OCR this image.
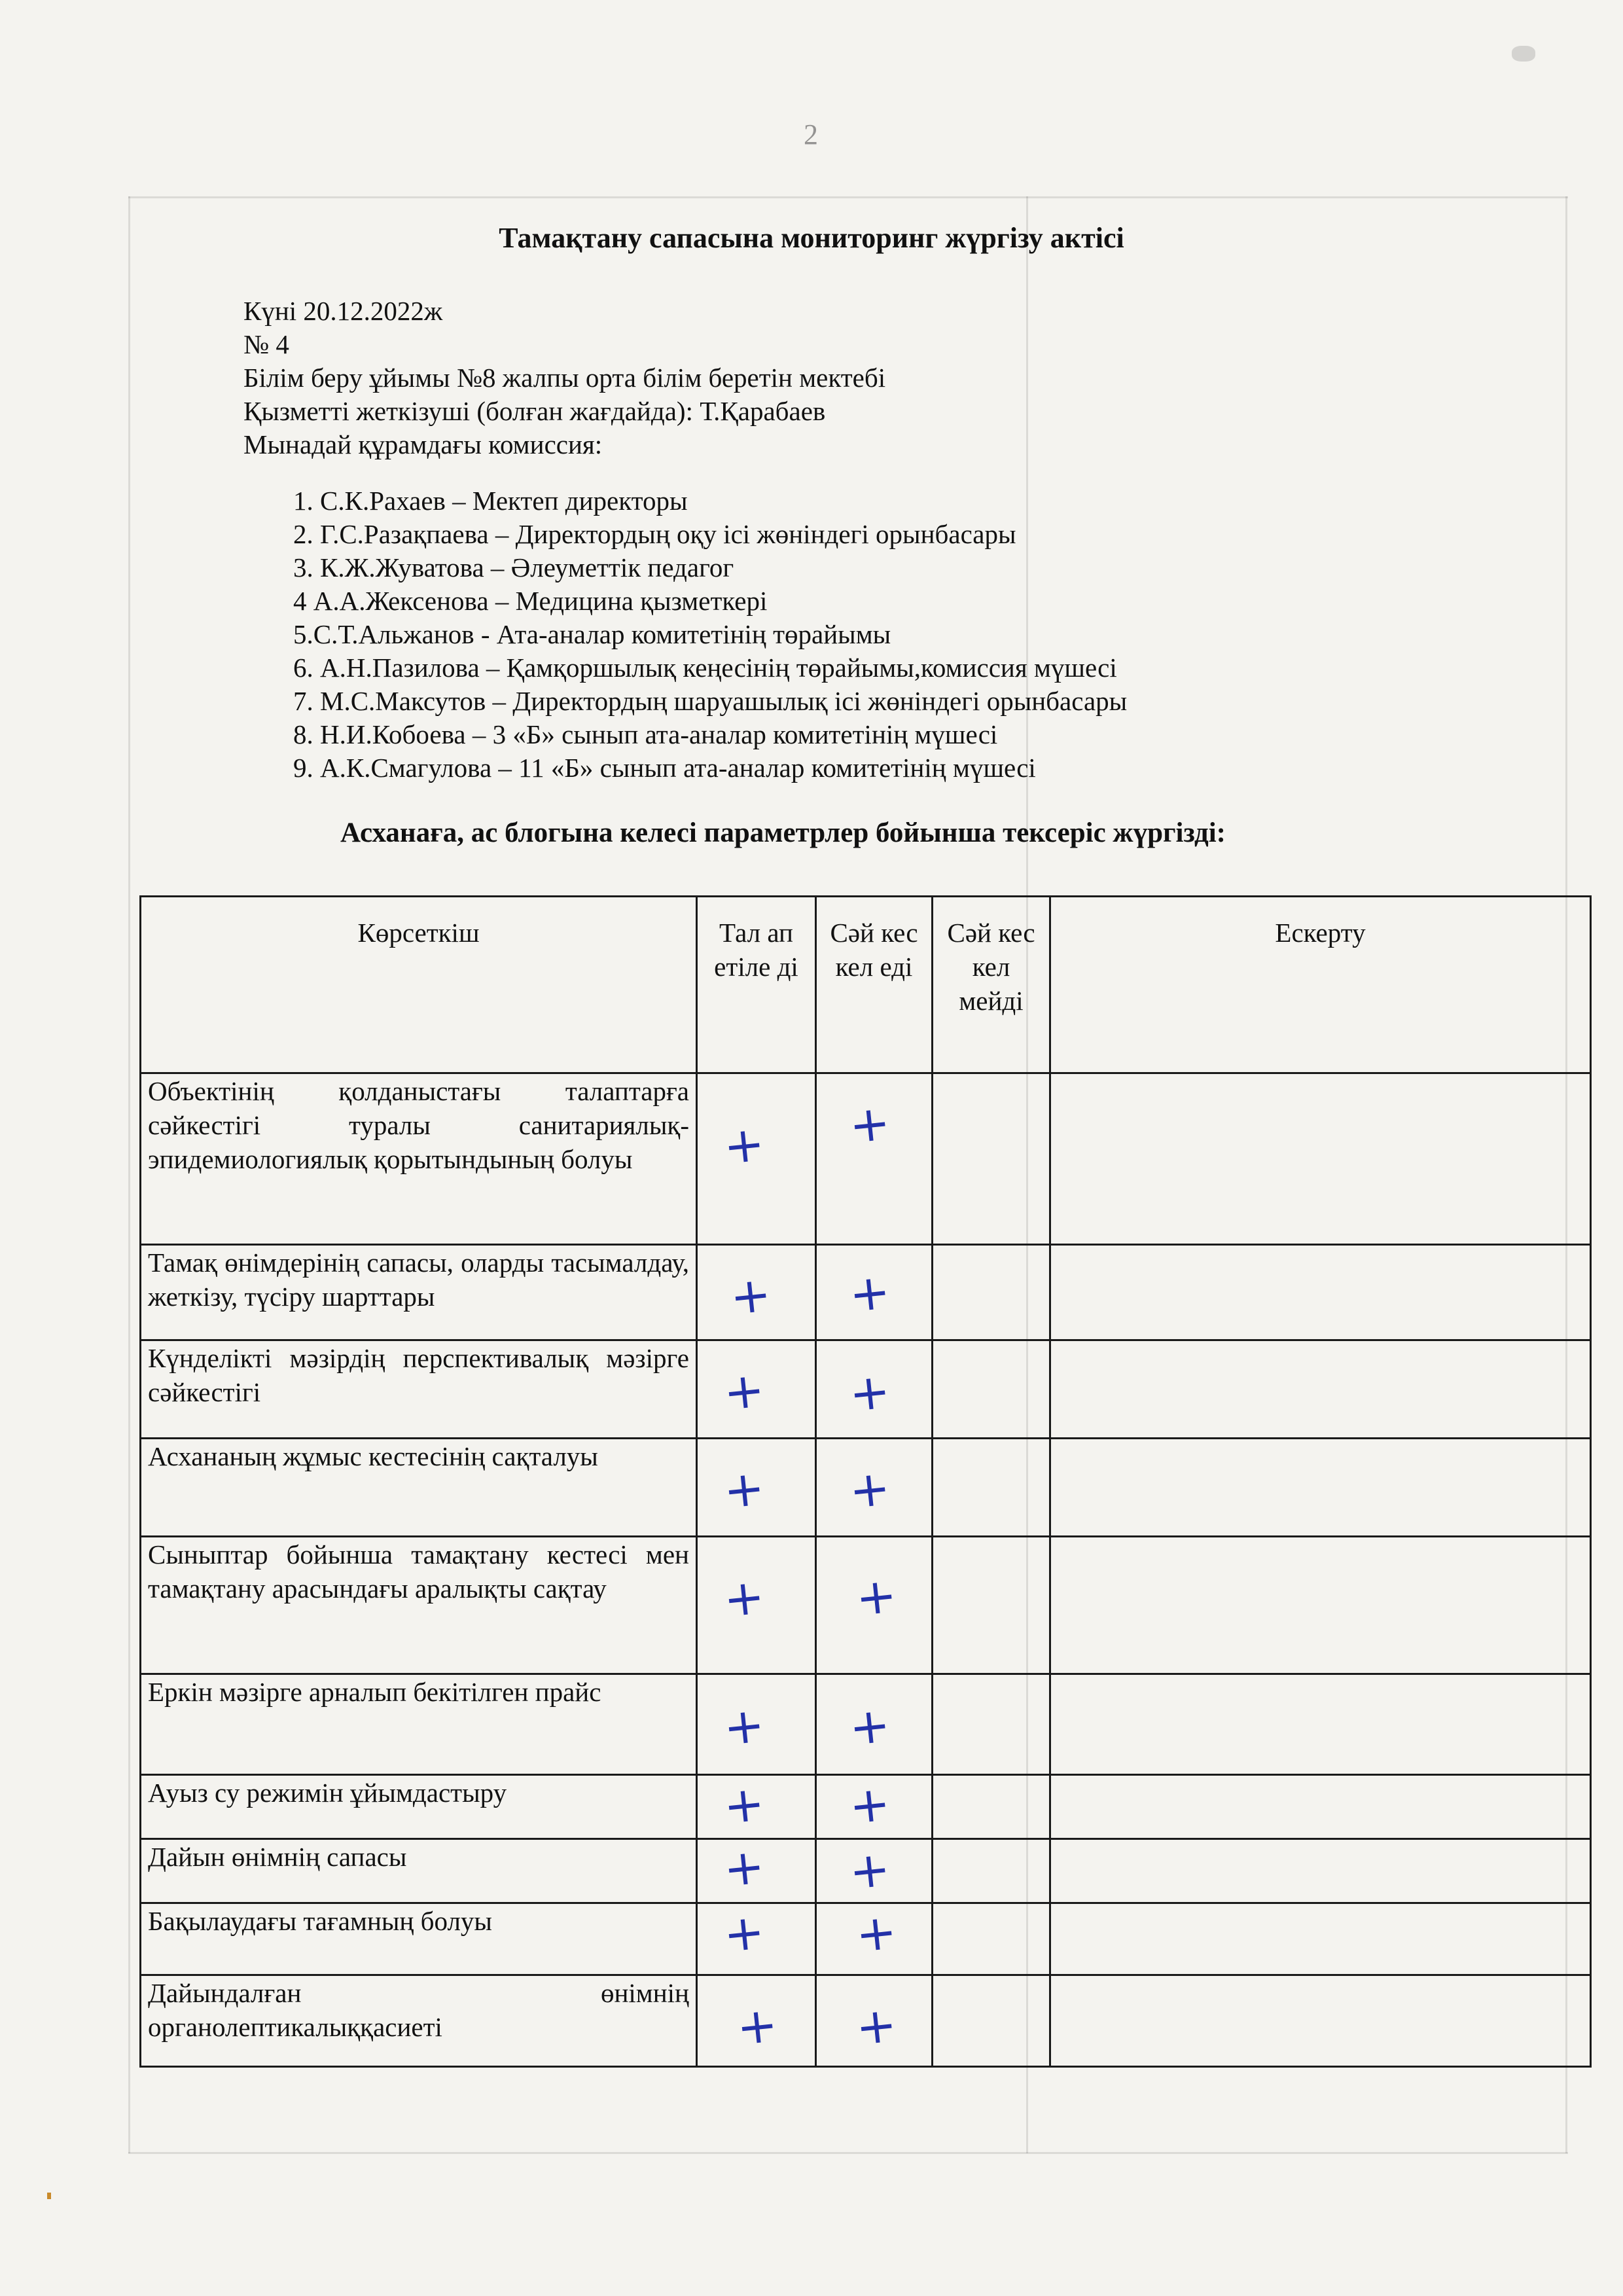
2
Тамақтану сапасына мониторинг жүргізу актісі
Күні 20.12.2022ж
№ 4
Білім беру ұйымы №8 жалпы орта білім беретін мектебі
Қызметті жеткізуші (болған жағдайда): Т.Қарабаев
Мынадай құрамдағы комиссия:
1. С.К.Рахаев – Мектеп директоры
2. Г.С.Разақпаева – Директордың оқу ісі жөніндегі орынбасары
3. К.Ж.Жуватова – Әлеуметтік педагог
4 А.А.Жексенова – Медицина қызметкері
5.С.Т.Альжанов - Ата-аналар комитетінің төрайымы
6. А.Н.Пазилова – Қамқоршылық кеңесінің төрайымы,комиссия мүшесі
7. М.С.Максутов – Директордың шаруашылық ісі жөніндегі орынбасары
8. Н.И.Кобоева – 3 «Б» сынып ата-аналар комитетінің мүшесі
9. А.К.Смагулова – 11 «Б» сынып ата-аналар комитетінің мүшесі
Асханаға, ас блогына келесі параметрлер бойынша тексеріс жүргізді:
Көрсеткіш	Тал ап етіле ді	Сәй кес кел еді	Сәй кес кел мейді	Ескерту
Объектінің қолданыстағы талаптарға сәйкестігі туралы санитариялық-эпидемиологиялық қорытындының болуы	+	+		

Тамақ өнімдерінің сапасы, оларды тасымалдау, жеткізу, түсіру шарттары	+	+		

Күнделікті мәзірдің перспективалық мәзірге сәйкестігі	+	+		

Асхананың жұмыс кестесінің сақталуы	+	+		

Сыныптар бойынша тамақтану кестесі мен тамақтану арасындағы аралықты сақтау	+	+		

Еркін мәзірге арналып бекітілген прайс	+	+		

Ауыз су режимін ұйымдастыру	+	+		

Дайын өнімнің сапасы	+	+		

Бақылаудағы тағамның болуы	+	+		

Дайындалған өнімнің органолептикалыққасиеті	+	+		
